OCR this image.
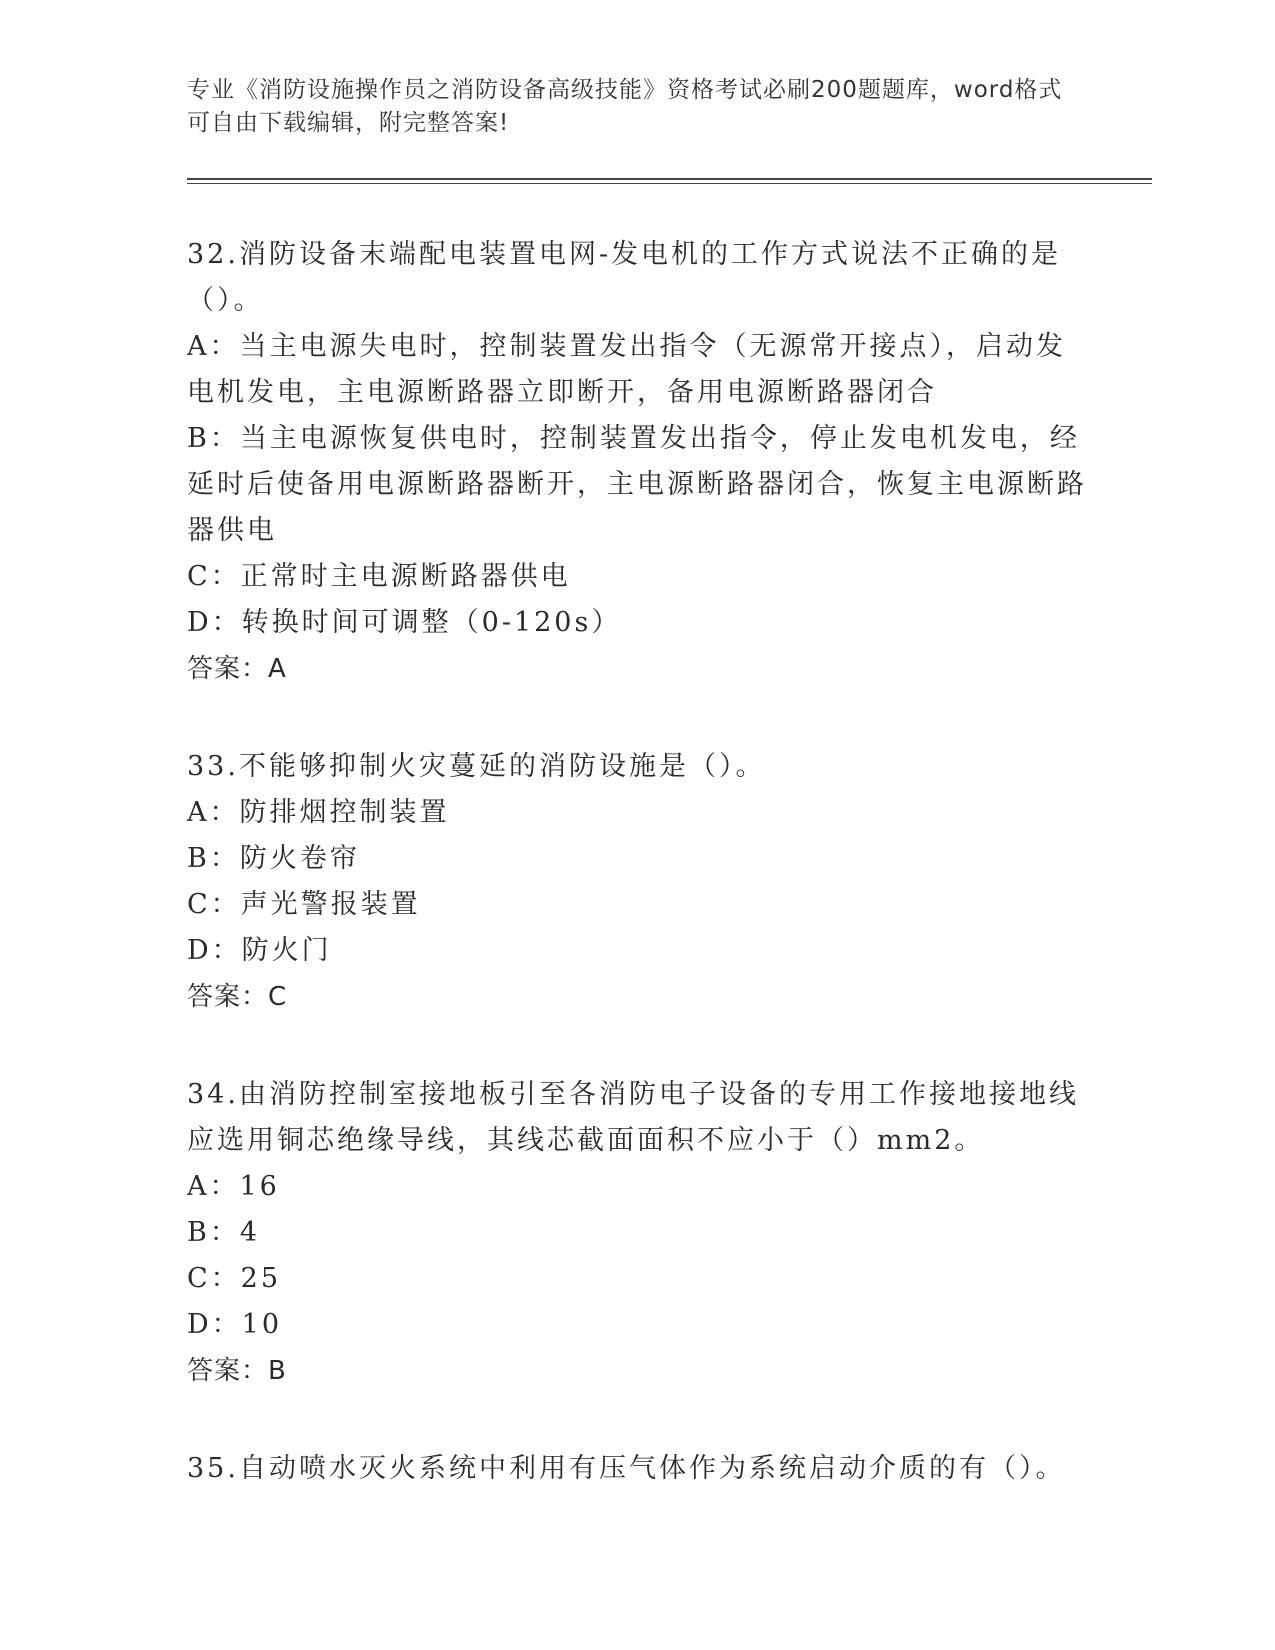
专业《消防设施操作员之消防设备高级技能》资格考试必刷200题题库，word格式可自由下载编辑，附完整答案!

32.消防设备末端配电装置电网-发电机的工作方式说法不正确的是（）。

A：当主电源失电时，控制装置发出指令（无源常开接点），启动发电机发电，主电源断路器立即断开，备用电源断路器闭合

B：当主电源恢复供电时，控制装置发出指令，停止发电机发电，经延时后使备用电源断路器断开，主电源断路器闭合，恢复主电源断路器供电

C：正常时主电源断路器供电

D：转换时间可调整（0-120s）

答案：A

33.不能够抑制火灾蔓延的消防设施是（）。

A：防排烟控制装置

B：防火卷帘

C：声光警报装置

D：防火门

答案：C

34.由消防控制室接地板引至各消防电子设备的专用工作接地接地线应选用铜芯绝缘导线，其线芯截面面积不应小于（）mm2。

A：16

B：4

C：25

D：10

答案：B

35.自动喷水灭火系统中利用有压气体作为系统启动介质的有（）。
